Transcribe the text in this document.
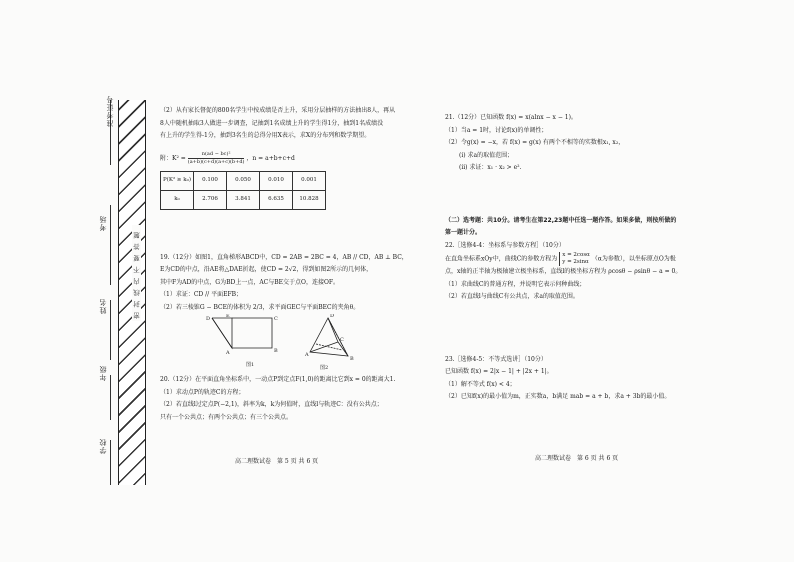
准考证号
考场
姓名
年级
学校
密封线内不要答题

（2）从有家长督促的800名学生中按成绩是否上升，采用分层抽样的方法抽出8人，再从

8人中随机抽取3人做进一步调查，记抽到1名成绩上升的学生得1分，抽到1名成绩没

有上升的学生得-1分，抽到3名生的总得分用X表示，求X的分布列和数学期望。

附：$K^2 = \frac{\text{n(ad − bc)²}}{(a+b)(c+d)(a+c)(b+d)}$ ，n = a+b+c+d

P(K² ≥ k₀)	0.100	0.050	0.010	0.001
k₀	2.706	3.841	6.635	10.828

19.（12分）如图1，直角梯形ABCD中，CD = 2AB = 2BC = 4，AB // CD，AB ⊥ BC，

E为CD的中点，沿AE将△DAE折起，使CD = 2√2，得到如图2所示的几何体，

其中F为AD的中点，G为BD上一点，AC与BE交于点O，连接OF。

（1）求证：CD // 平面EFB；

（2）若三棱锥G − BCE的体积为 2/3，求平面GEC与平面BEC的夹角θ。

D	E
A
C
B
图1
D
A
B
C
图2

20.（12分）在平面直角坐标系中，一动点P到定点F(1,0)的距离比它到x = 0的距离大1.

（1）求动点P的轨迹C的方程；

（2）若直线l过定点P(−2,1)，斜率为k，k为何值时，直线l与轨迹C：没有公共点；

只有一个公共点；有两个公共点；有三个公共点。

高二理数试卷　第 5 页 共 6 页

21.（12分）已知函数 f(x) = x(alnx − x − 1)。

（1）当a = 1时，讨论f(x)的单调性；

（2）令g(x) = −x，若 f(x) = g(x) 有两个不相等的实数根x₁, x₂，

(i) 求a的取值范围；

(ii) 求证：x₁ · x₂ > e².

（二）选考题：共10分。请考生在第22,23题中任选一题作答。如果多做，则按所做的

第一题计分。

22.［选修4-4：坐标系与参数方程］（10分）

在直角坐标系xOy中，曲线C的参数方程为
x = 2cosα
y = 2sinα （α为参数），以坐标原点O为极

点，x轴的正半轴为极轴建立极坐标系，直线l的极坐标方程为 ρcosθ − ρsinθ − a = 0。

（1）求曲线C的普通方程，并说明它表示何种曲线；

（2）若直线l与曲线C有公共点，求a的取值范围。

23.［选修4-5：不等式选讲］（10分）

已知函数 f(x) = 2|x − 1| + |2x + 1|。

（1）解不等式 f(x) < 4；

（2）已知f(x)的最小值为m，正实数a，b满足 mab = a + b，求a + 3b的最小值。

高二理数试卷　第 6 页 共 6 页
